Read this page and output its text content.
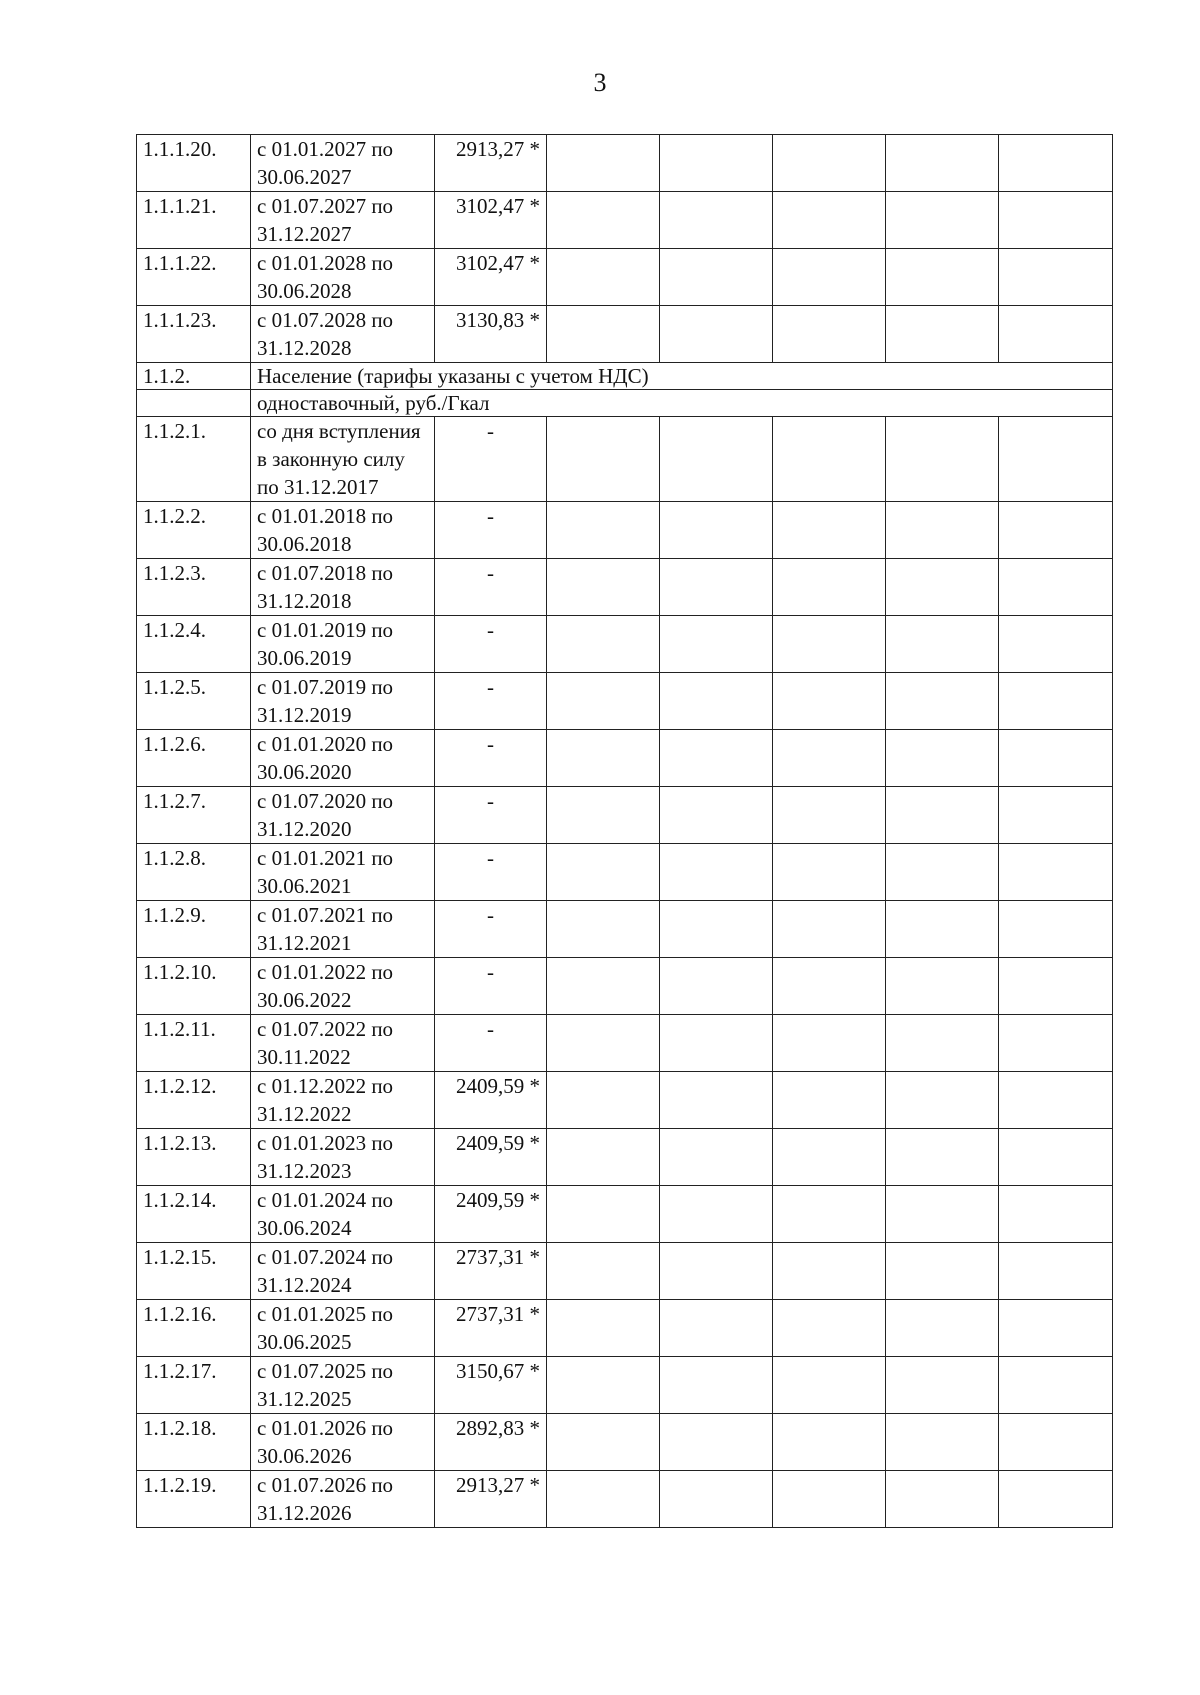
3
1.1.1.20.	с 01.01.2027 по 30.06.2027	2913,27 *					
1.1.1.21.	с 01.07.2027 по 31.12.2027	3102,47 *					
1.1.1.22.	с 01.01.2028 по 30.06.2028	3102,47 *					
1.1.1.23.	с 01.07.2028 по 31.12.2028	3130,83 *					
1.1.2.	Население (тарифы указаны с учетом НДС)						
	одноставочный, руб./Гкал						
1.1.2.1.	со дня вступления в законную силу по 31.12.2017	-					
1.1.2.2.	с 01.01.2018 по 30.06.2018	-					
1.1.2.3.	с 01.07.2018 по 31.12.2018	-					
1.1.2.4.	с 01.01.2019 по 30.06.2019	-					
1.1.2.5.	с 01.07.2019 по 31.12.2019	-					
1.1.2.6.	с 01.01.2020 по 30.06.2020	-					
1.1.2.7.	с 01.07.2020 по 31.12.2020	-					
1.1.2.8.	с 01.01.2021 по 30.06.2021	-					
1.1.2.9.	с 01.07.2021 по 31.12.2021	-					
1.1.2.10.	с 01.01.2022 по 30.06.2022	-					
1.1.2.11.	с 01.07.2022 по 30.11.2022	-					
1.1.2.12.	с 01.12.2022 по 31.12.2022	2409,59 *					
1.1.2.13.	с 01.01.2023 по 31.12.2023	2409,59 *					
1.1.2.14.	с 01.01.2024 по 30.06.2024	2409,59 *					
1.1.2.15.	с 01.07.2024 по 31.12.2024	2737,31 *					
1.1.2.16.	с 01.01.2025 по 30.06.2025	2737,31 *					
1.1.2.17.	с 01.07.2025 по 31.12.2025	3150,67 *					
1.1.2.18.	с 01.01.2026 по 30.06.2026	2892,83 *					
1.1.2.19.	с 01.07.2026 по 31.12.2026	2913,27 *					
